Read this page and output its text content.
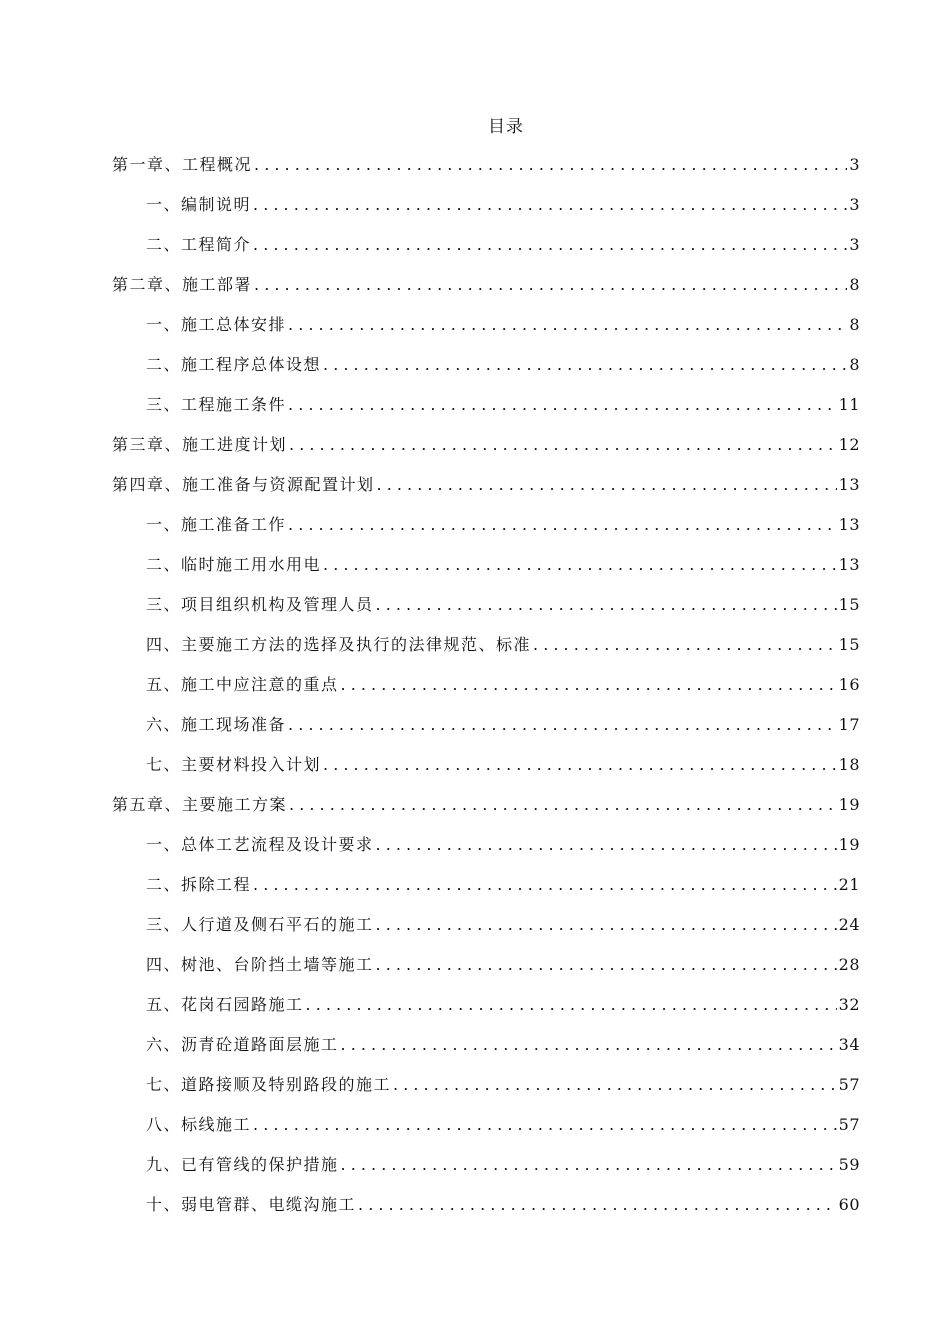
目录
第一章、工程概况 . . .	3
一、编制说明 . . .	3
二、工程简介 . . .	3
第二章、施工部署 . . .	8
一、施工总体安排 . . .	8
二、施工程序总体设想 . . .	8
三、工程施工条件 . . .	11
第三章、施工进度计划 . . .	12
第四章、施工准备与资源配置计划 . . .	13
一、施工准备工作 . . .	13
二、临时施工用水用电 . . .	13
三、项目组织机构及管理人员 . . .	15
四、主要施工方法的选择及执行的法律规范、标准 . . .	15
五、施工中应注意的重点 . . .	16
六、施工现场准备 . . .	17
七、主要材料投入计划 . . .	18
第五章、主要施工方案 . . .	19
一、总体工艺流程及设计要求 . . .	19
二、拆除工程 . . .	21
三、人行道及侧石平石的施工 . . .	24
四、树池、台阶挡土墙等施工 . . .	28
五、花岗石园路施工 . . .	32
六、沥青砼道路面层施工 . . .	34
七、道路接顺及特别路段的施工 . . .	57
八、标线施工 . . .	57
九、已有管线的保护措施 . . .	59
十、弱电管群、电缆沟施工 . . .	60
